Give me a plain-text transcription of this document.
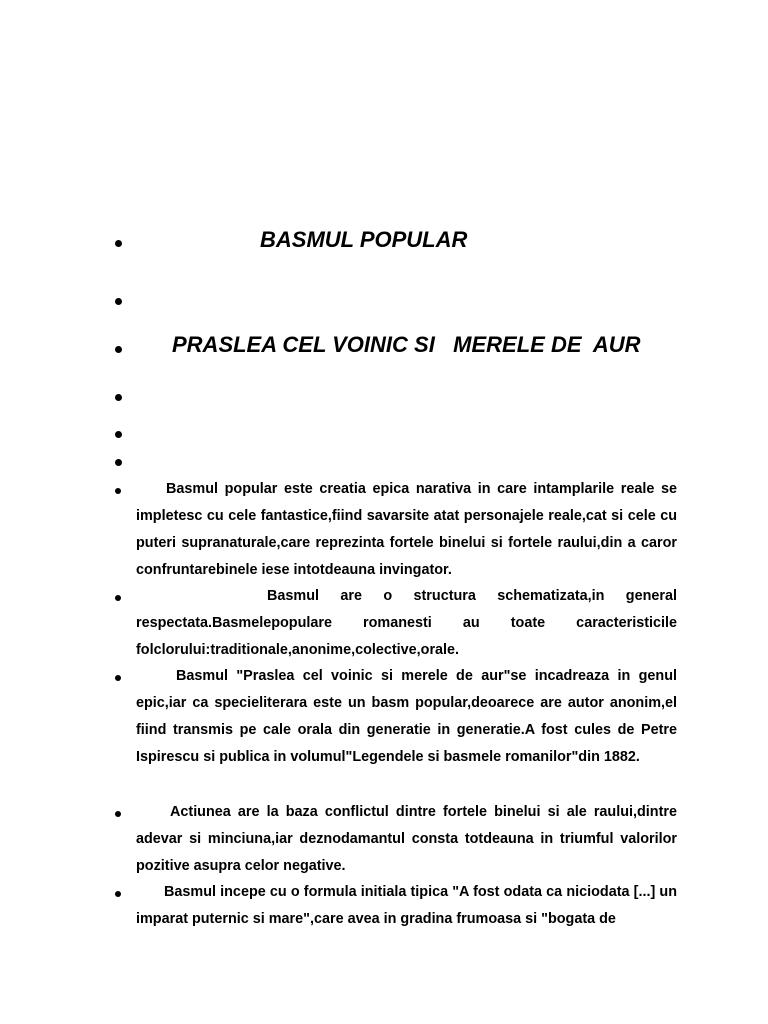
BASMUL POPULAR
PRASLEA CEL VOINIC SI   MERELE DE  AUR
Basmul popular este creatia epica narativa in care intamplarile reale se impletesc cu cele fantastice,fiind savarsite atat personajele reale,cat si cele cu puteri supranaturale,care reprezinta fortele binelui si fortele raului,din a caror confruntarebinele iese intotdeauna invingator.
Basmul are o structura schematizata,in general respectata.Basmelepopulare romanesti au toate caracteristicile folclorului:traditionale,anonime,colective,orale.
Basmul "Praslea cel voinic si merele de aur"se incadreaza in genul epic,iar ca specieliterara este un basm popular,deoarece are autor anonim,el fiind transmis pe cale orala din generatie in generatie.A fost cules de Petre Ispirescu si publica in volumul"Legendele si basmele romanilor"din 1882.
Actiunea are la baza conflictul dintre fortele binelui si ale raului,dintre adevar si minciuna,iar deznodamantul consta totdeauna in triumful valorilor pozitive asupra celor negative.
Basmul incepe cu o formula initiala tipica "A fost odata ca niciodata [...] un imparat puternic si mare",care avea in gradina frumoasa si "bogata de
